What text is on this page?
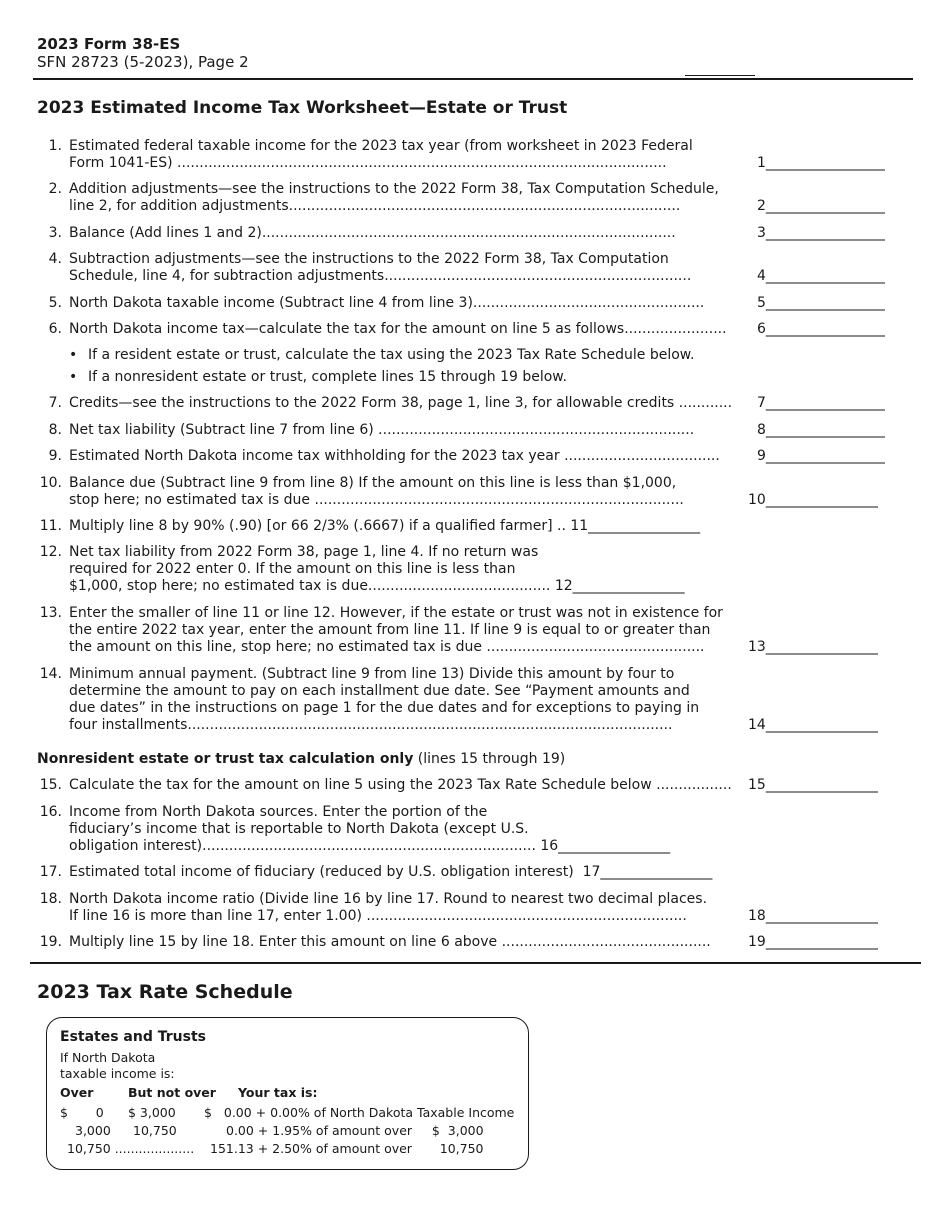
2023 Form 38-ES
SFN 28723 (5-2023), Page 2
2023 Estimated Income Tax Worksheet—Estate or Trust
1. Estimated federal taxable income for the 2023 tax year (from worksheet in 2023 Federal
Form 1041-ES) ..............................................................................................................	1_________________
2. Addition adjustments—see the instructions to the 2022 Form 38, Tax Computation Schedule,
line 2, for addition adjustments........................................................................................	2_________________
3. Balance (Add lines 1 and 2).............................................................................................	3_________________
4. Subtraction adjustments—see the instructions to the 2022 Form 38, Tax Computation
Schedule, line 4, for subtraction adjustments.....................................................................	4_________________
5. North Dakota taxable income (Subtract line 4 from line 3)....................................................	5_________________
6. North Dakota income tax—calculate the tax for the amount on line 5 as follows....................... 6_________________
• If a resident estate or trust, calculate the tax using the 2023 Tax Rate Schedule below.
• If a nonresident estate or trust, complete lines 15 through 19 below.
7. Credits—see the instructions to the 2022 Form 38, page 1, line 3, for allowable credits ............ 7_________________
8. Net tax liability (Subtract line 7 from line 6) .......................................................................	8_________________
9. Estimated North Dakota income tax withholding for the 2023 tax year ...................................	9_________________
10. Balance due (Subtract line 9 from line 8) If the amount on this line is less than $1,000,
stop here; no estimated tax is due ...................................................................................	10________________
11. Multiply line 8 by 90% (.90) [or 66 2/3% (.6667) if a qualified farmer] .. 11________________
12. Net tax liability from 2022 Form 38, page 1, line 4. If no return was
required for 2022 enter 0. If the amount on this line is less than
$1,000, stop here; no estimated tax is due......................................... 12________________
13. Enter the smaller of line 11 or line 12. However, if the estate or trust was not in existence for
the entire 2022 tax year, enter the amount from line 11. If line 9 is equal to or greater than
the amount on this line, stop here; no estimated tax is due .................................................	13________________
14. Minimum annual payment. (Subtract line 9 from line 13) Divide this amount by four to
determine the amount to pay on each installment due date. See “Payment amounts and
due dates” in the instructions on page 1 for the due dates and for exceptions to paying in
four installments.............................................................................................................	14________________
Nonresident estate or trust tax calculation only (lines 15 through 19)
15. Calculate the tax for the amount on line 5 using the 2023 Tax Rate Schedule below ................. 15________________
16. Income from North Dakota sources. Enter the portion of the
fiduciary’s income that is reportable to North Dakota (except U.S.
obligation interest)........................................................................... 16________________
17. Estimated total income of fiduciary (reduced by U.S. obligation interest)  17________________
18. North Dakota income ratio (Divide line 16 by line 17. Round to nearest two decimal places.
If line 16 is more than line 17, enter 1.00) ........................................................................	18________________
19. Multiply line 15 by line 18. Enter this amount on line 6 above ...............................................	19________________
2023 Tax Rate Schedule
Estates and Trusts
If North Dakota
taxable income is:
Over	But not over Your tax is:
$       0 $ 3,000 $   0.00 + 0.00% of North Dakota Taxable Income
3,000 10,750	0.00 + 1.95% of amount over     $  3,000
10,750 .................... 151.13 + 2.50% of amount over       10,750
